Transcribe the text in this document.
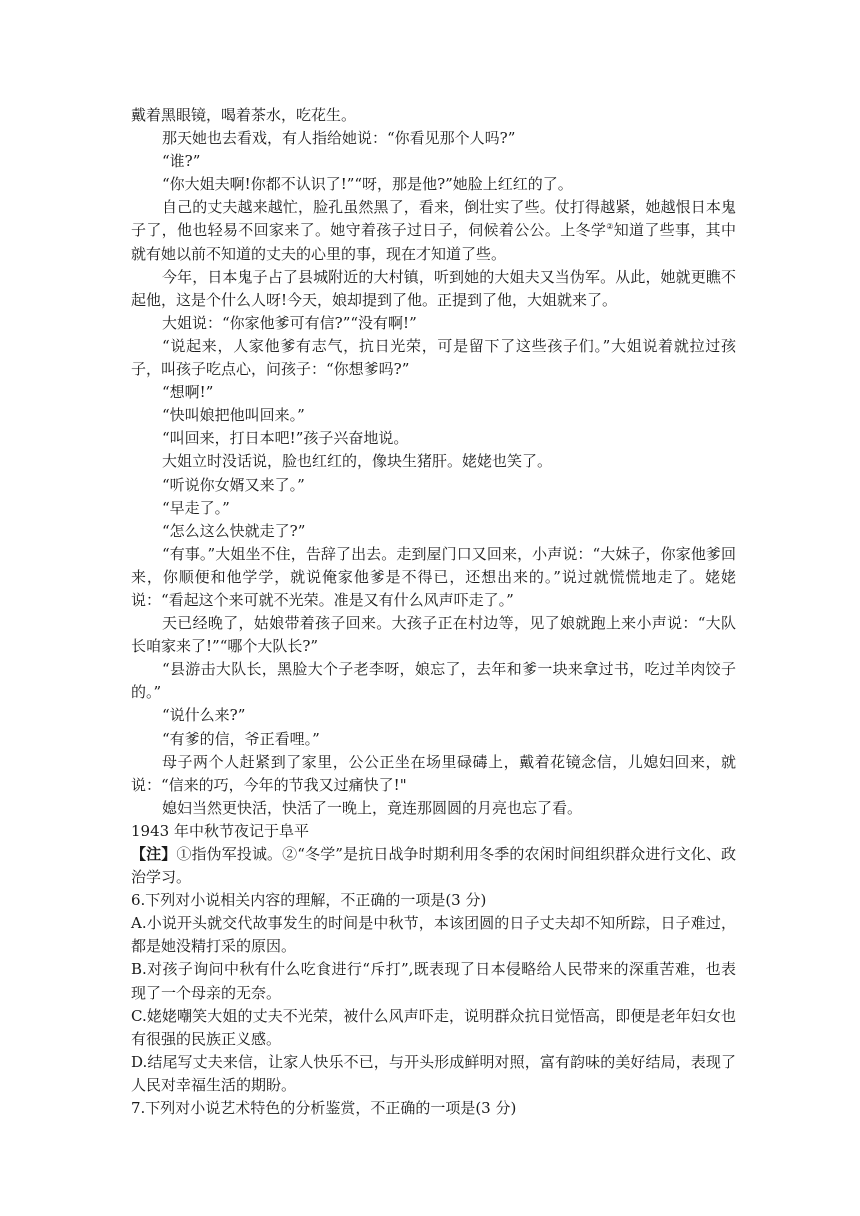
戴着黑眼镜，喝着茶水，吃花生。

那天她也去看戏，有人指给她说：“你看见那个人吗?”

“谁?”

“你大姐夫啊!你都不认识了!”“呀，那是他?”她脸上红红的了。

自己的丈夫越来越忙，脸孔虽然黑了，看来，倒壮实了些。仗打得越紧，她越恨日本鬼子了，他也轻易不回家来了。她守着孩子过日子，伺候着公公。上冬学②知道了些事，其中就有她以前不知道的丈夫的心里的事，现在才知道了些。

今年，日本鬼子占了县城附近的大村镇，听到她的大姐夫又当伪军。从此，她就更瞧不起他，这是个什么人呀!今天，娘却提到了他。正提到了他，大姐就来了。

大姐说：“你家他爹可有信?”“没有啊!”

“说起来，人家他爹有志气，抗日光荣，可是留下了这些孩子们。”大姐说着就拉过孩子，叫孩子吃点心，问孩子：“你想爹吗?”

“想啊!”

“快叫娘把他叫回来。”

“叫回来，打日本吧!”孩子兴奋地说。

大姐立时没话说，脸也红红的，像块生猪肝。姥姥也笑了。

“听说你女婿又来了。”

“早走了。”

“怎么这么快就走了?”

“有事。”大姐坐不住，告辞了出去。走到屋门口又回来，小声说：“大妹子，你家他爹回来，你顺便和他学学，就说俺家他爹是不得已，还想出来的。”说过就慌慌地走了。姥姥说：“看起这个来可就不光荣。准是又有什么风声吓走了。”

天已经晚了，姑娘带着孩子回来。大孩子正在村边等，见了娘就跑上来小声说：“大队长咱家来了!”“哪个大队长?”

“县游击大队长，黑脸大个子老李呀，娘忘了，去年和爹一块来拿过书，吃过羊肉饺子的。”

“说什么来?”

“有爹的信，爷正看哩。”

母子两个人赶紧到了家里，公公正坐在场里碌碡上，戴着花镜念信，儿媳妇回来，就说：“信来的巧，今年的节我又过痛快了!"

媳妇当然更快活，快活了一晚上，竟连那圆圆的月亮也忘了看。

1943 年中秋节夜记于阜平

【注】①指伪军投诚。②“冬学”是抗日战争时期利用冬季的农闲时间组织群众进行文化、政治学习。

6.下列对小说相关内容的理解，不正确的一项是(3 分)

A.小说开头就交代故事发生的时间是中秋节，本该团圆的日子丈夫却不知所踪，日子难过，都是她没精打采的原因。

B.对孩子询问中秋有什么吃食进行“斥打”,既表现了日本侵略给人民带来的深重苦难，也表现了一个母亲的无奈。

C.姥姥嘲笑大姐的丈夫不光荣，被什么风声吓走，说明群众抗日觉悟高，即便是老年妇女也有很强的民族正义感。

D.结尾写丈夫来信，让家人快乐不已，与开头形成鲜明对照，富有韵味的美好结局，表现了人民对幸福生活的期盼。

7.下列对小说艺术特色的分析鉴赏，不正确的一项是(3 分)
